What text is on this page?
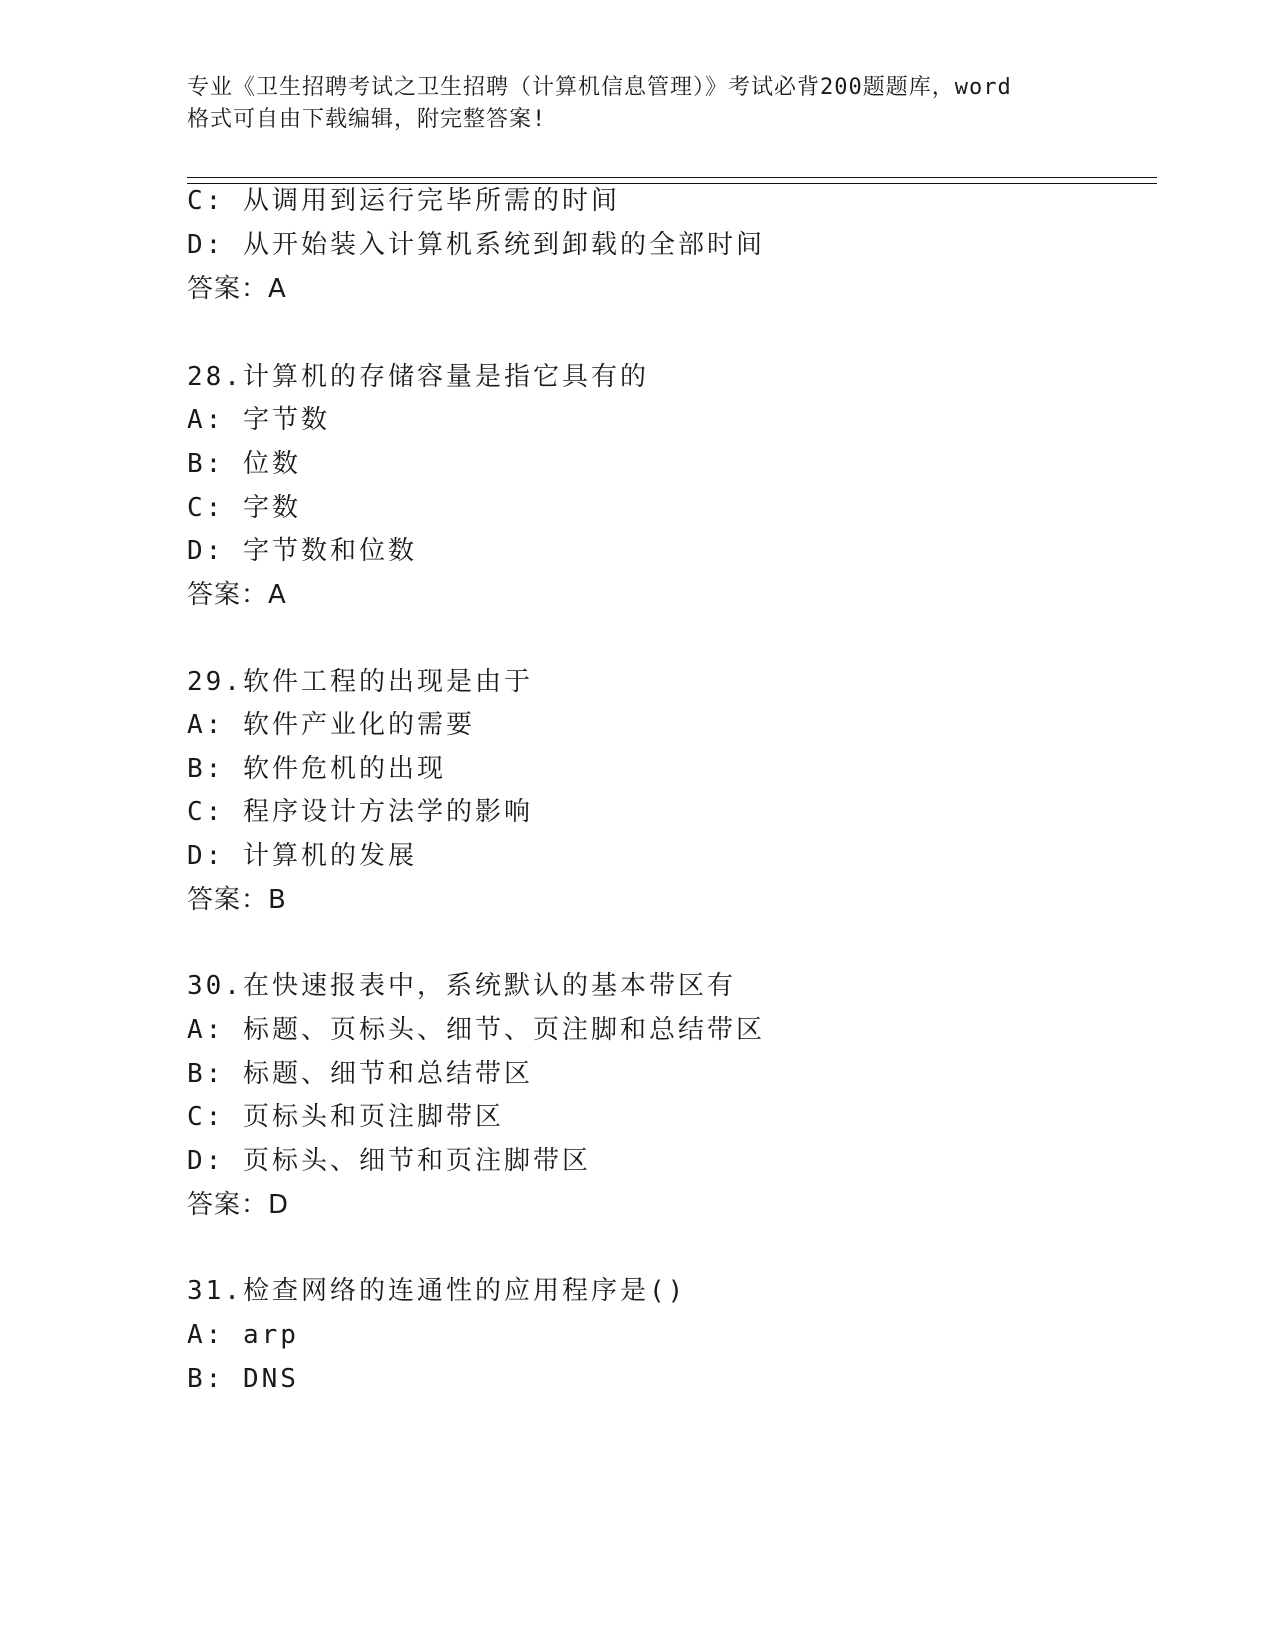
专业《卫生招聘考试之卫生招聘（计算机信息管理）》考试必背200题题库，word
格式可自由下载编辑，附完整答案!
C: 从调用到运行完毕所需的时间
D: 从开始装入计算机系统到卸载的全部时间
答案：A
28.计算机的存储容量是指它具有的
A: 字节数
B: 位数
C: 字数
D: 字节数和位数
答案：A
29.软件工程的出现是由于
A: 软件产业化的需要
B: 软件危机的出现
C: 程序设计方法学的影响
D: 计算机的发展
答案：B
30.在快速报表中，系统默认的基本带区有
A: 标题、页标头、细节、页注脚和总结带区
B: 标题、细节和总结带区
C: 页标头和页注脚带区
D: 页标头、细节和页注脚带区
答案：D
31.检查网络的连通性的应用程序是()
A: arp
B: DNS
